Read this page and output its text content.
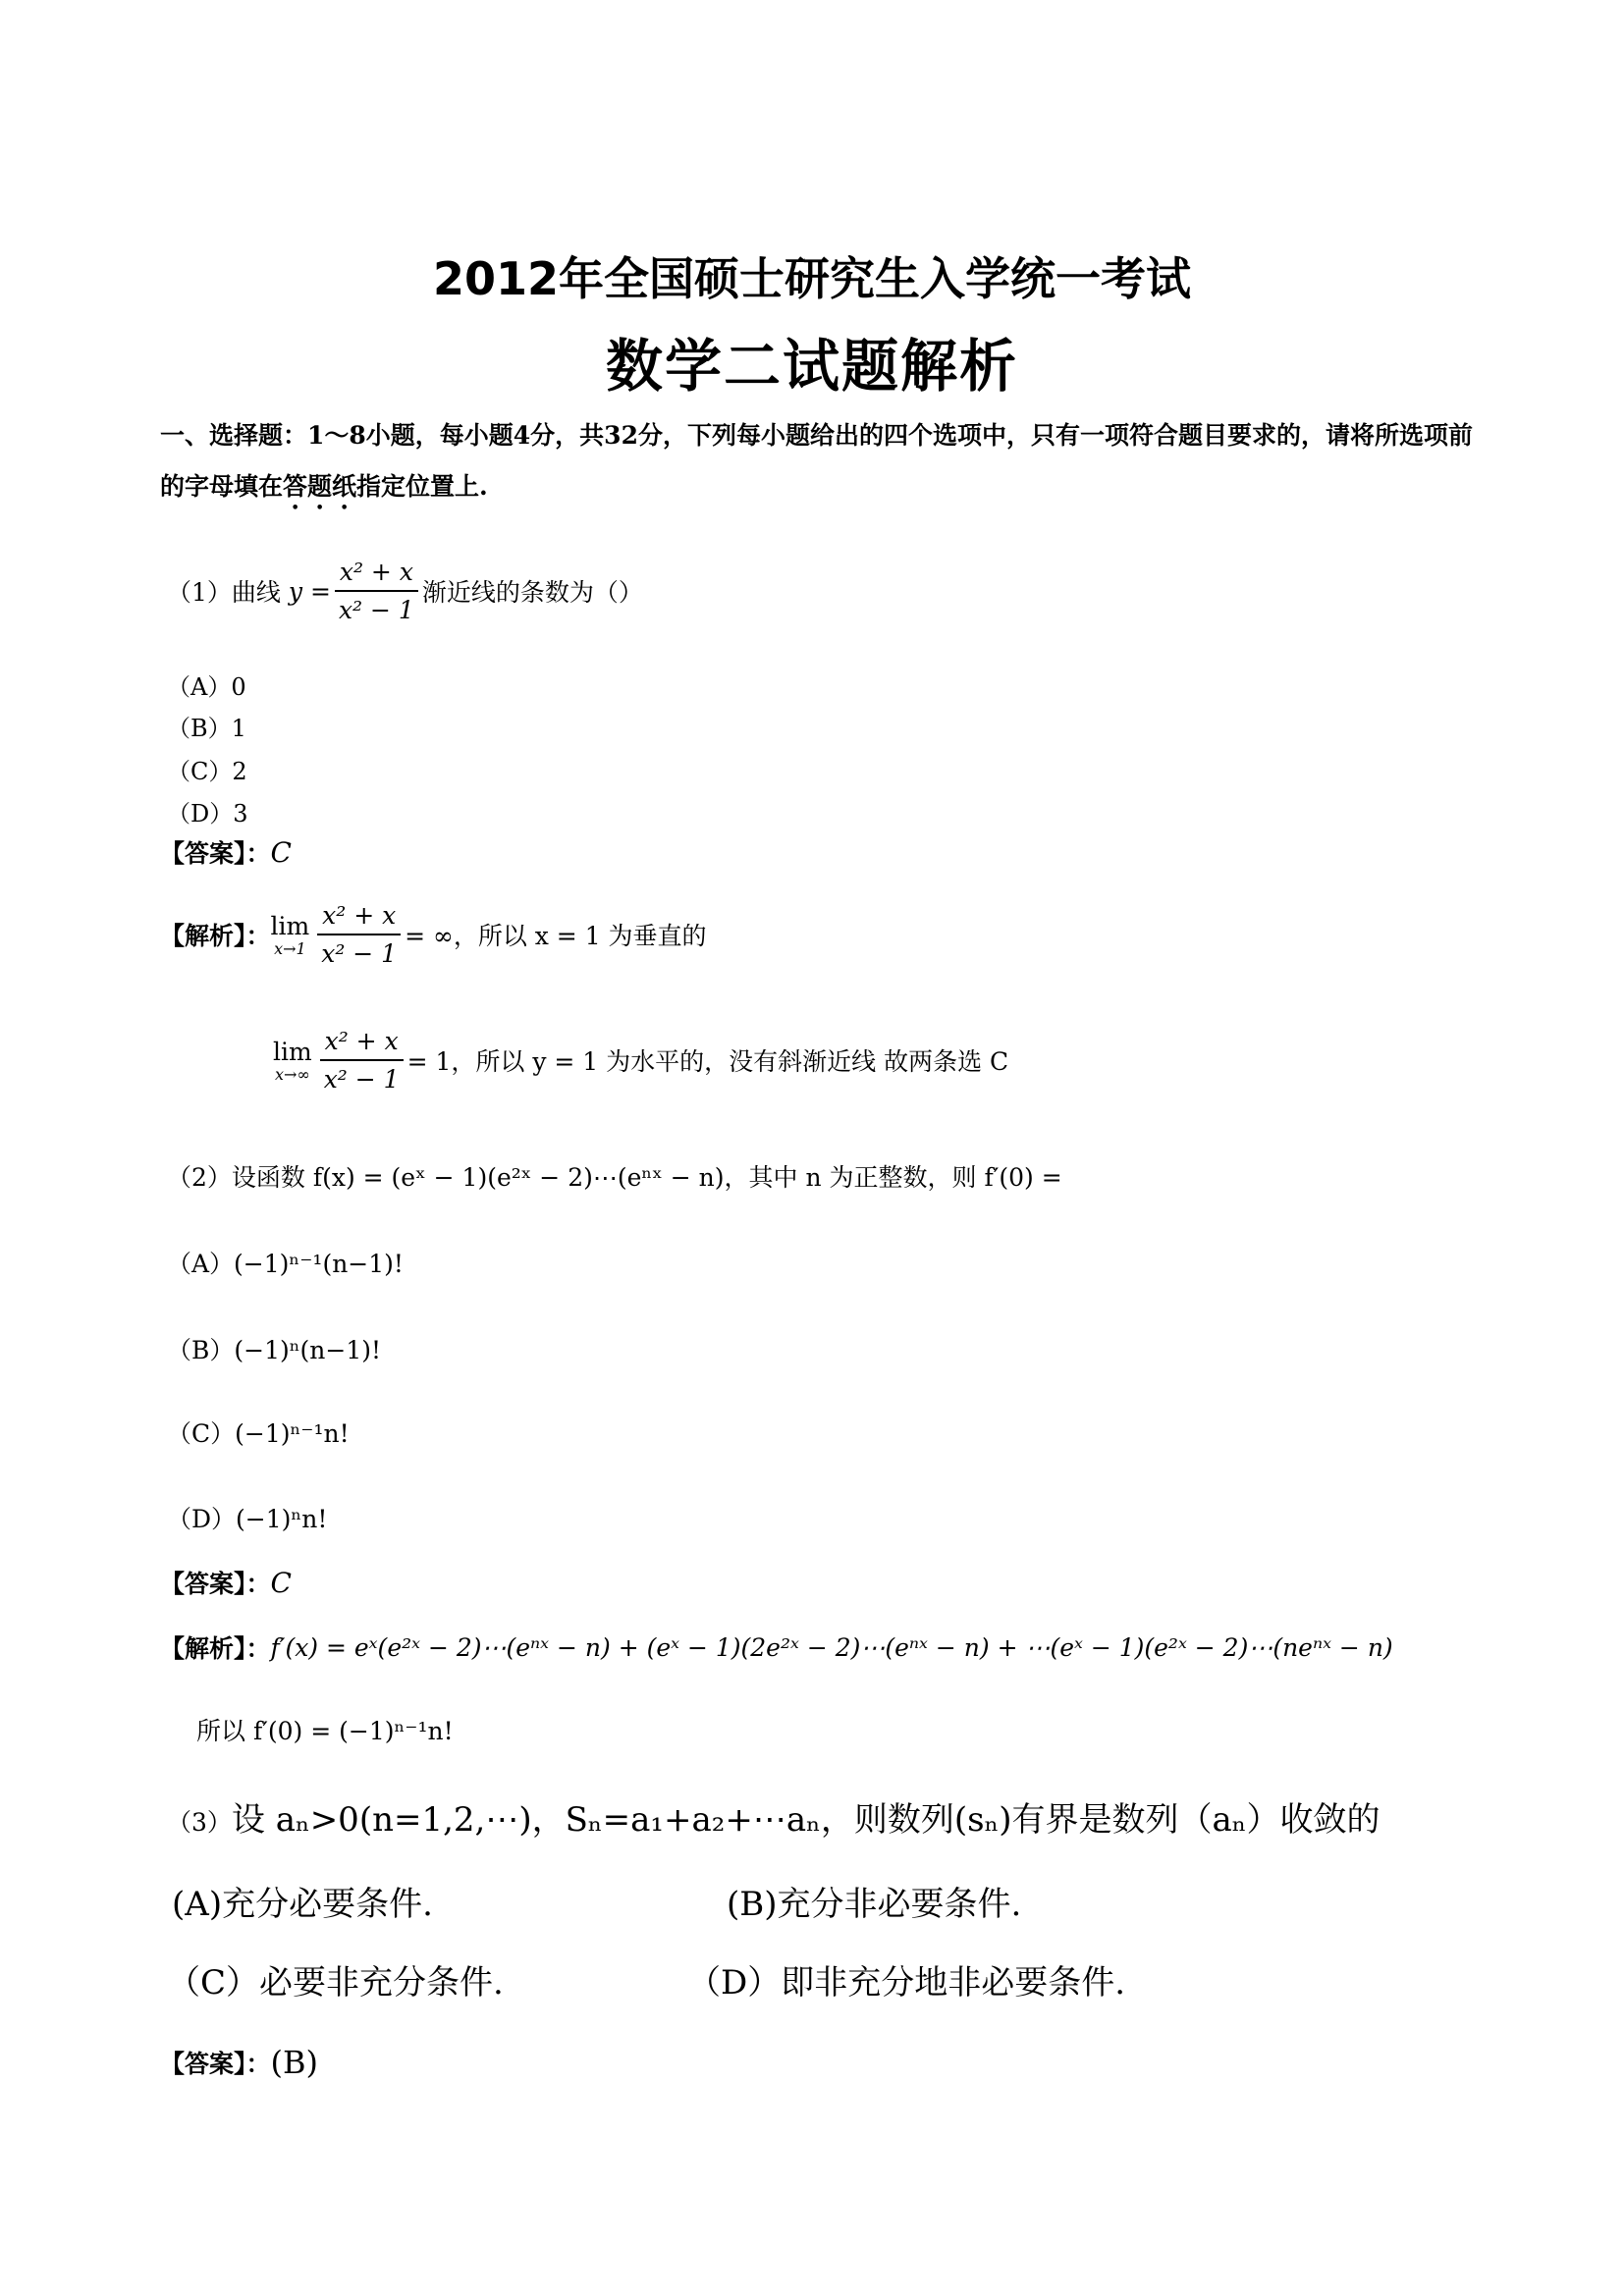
2012年全国硕士研究生入学统一考试
数学二试题解析
一、选择题：1～8小题，每小题4分，共32分，下列每小题给出的四个选项中，只有一项符合题目要求的，请将所选项前的字母填在答题纸指定位置上.
（1） 曲线 $y = \frac{\text{x² + x}}{\text{x² − 1}}$ 渐近线的条数为（）
（A）0
（B）1
（C）2
（D）3
【答案】： C
【解析】： lim
$x\to 1 \frac{\text{x² + x}}{\text{x² − 1}}$ = ∞，所以 x = 1 为垂直的
lim
$x\to\infty \frac{\text{x² + x}}{\text{x² − 1}} = 1$，所以 y = 1 为水平的，没有斜渐近线 故两条选 C
（2）设函数 f(x) = (eˣ − 1)(e²ˣ − 2)⋯(eⁿˣ − n)，其中 n 为正整数，则 f′(0) =
（A）(−1)ⁿ⁻¹(n−1)!
（B）(−1)ⁿ(n−1)!
（C）(−1)ⁿ⁻¹n!
（D）(−1)ⁿn!
【答案】： C
【解析】： f′(x) = eˣ(e²ˣ − 2)⋯(eⁿˣ − n) + (eˣ − 1)(2e²ˣ − 2)⋯(eⁿˣ − n) + ⋯(eˣ − 1)(e²ˣ − 2)⋯(neⁿˣ − n)
所以 f′(0) = (−1)ⁿ⁻¹n!
（3）设 aₙ>0(n=1,2,⋯)，Sₙ=a₁+a₂+⋯aₙ，则数列(sₙ)有界是数列（aₙ）收敛的
(A)充分必要条件.	(B)充分非必要条件.
（C）必要非充分条件.	（D）即非充分地非必要条件.
【答案】： (B)
